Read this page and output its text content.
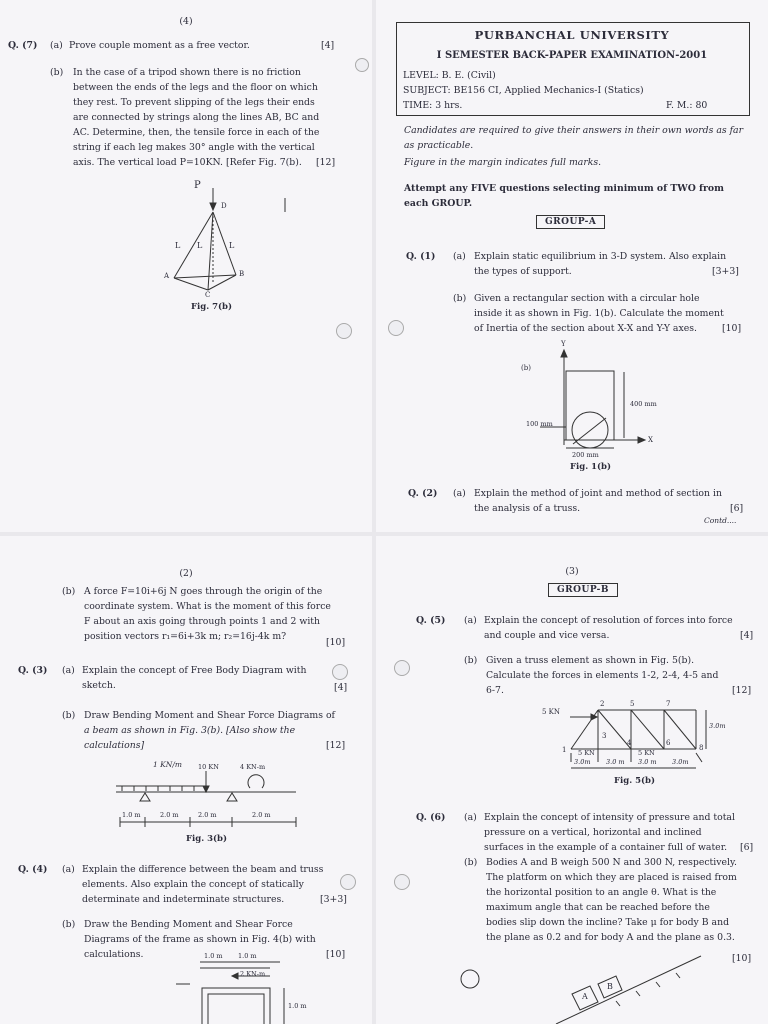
(4)
Q. (7) (a) Prove couple moment as a free vector.	[4]
(b) In the case of a tripod shown there is no friction
between the ends of the legs and the floor on which
they rest. To prevent slipping of the legs their ends
are connected by strings along the lines AB, BC and
AC. Determine, then, the tensile force in each of the
string if each leg makes 30° angle with the vertical
axis. The vertical load P=10KN. [Refer Fig. 7(b).	[12]
P
D
L L	L
A	B
C
Fig. 7(b)
PURBANCHAL UNIVERSITY
I SEMESTER BACK-PAPER EXAMINATION-2001
LEVEL: B. E. (Civil)
SUBJECT: BE156 CI, Applied Mechanics-I (Statics)
TIME: 3 hrs.	F. M.: 80
Candidates are required to give their answers in their own words as far as practicable.
Figure in the margin indicates full marks.
Attempt any FIVE questions selecting minimum of TWO from each GROUP.
GROUP-A
Q. (1) (a) Explain static equilibrium in 3-D system. Also explain
the types of support.	[3+3]
(b) Given a rectangular section with a circular hole
inside it as shown in Fig. 1(b). Calculate the moment
of Inertia of the section about X-X and Y-Y axes.	[10]
(b)
Y
X
400 mm
100 mm
200 mm
Fig. 1(b)
Q. (2) (a) Explain the method of joint and method of section in
the analysis of a truss.	[6]
Contd....
(2)
(b) A force F=10i+6j N goes through the origin of the
coordinate system. What is the moment of this force
F about an axis going through points 1 and 2 with
position vectors r₁=6i+3k m; r₂=16j-4k m?
[10]
Q. (3) (a) Explain the concept of Free Body Diagram with
sketch.	[4]
(b) Draw Bending Moment and Shear Force Diagrams of
a beam as shown in Fig. 3(b). [Also show the
calculations]	[12]
1 KN/m 10 KN	4 KN-m
1.0 m	2.0 m	2.0 m	2.0 m
Fig. 3(b)
Q. (4) (a) Explain the difference between the beam and truss
elements. Also explain the concept of statically
determinate and indeterminate structures.	[3+3]
(b) Draw the Bending Moment and Shear Force
Diagrams of the frame as shown in Fig. 4(b) with
calculations.	[10]
1.0 m 1.0 m
2 KN-m
1.0 m
(3)
GROUP-B
Q. (5) (a) Explain the concept of resolution of forces into force
and couple and vice versa.	[4]
(b) Given a truss element as shown in Fig. 5(b).
Calculate the forces in elements 1-2, 2-4, 4-5 and
6-7.	[12]
5 KN
5 KN	5 KN
1
2
3
4
5
6
7
8
3.0m
3.0m 3.0 m 3.0 m 3.0m
Fig. 5(b)
Q. (6) (a) Explain the concept of intensity of pressure and total
pressure on a vertical, horizontal and inclined
surfaces in the example of a container full of water.	[6]
(b) Bodies A and B weigh 500 N and 300 N, respectively.
The platform on which they are placed is raised from
the horizontal position to an angle θ. What is the
maximum angle that can be reached before the
bodies slip down the incline? Take μ for body B and
the plane as 0.2 and for body A and the plane as 0.3.
[10]
A
B
